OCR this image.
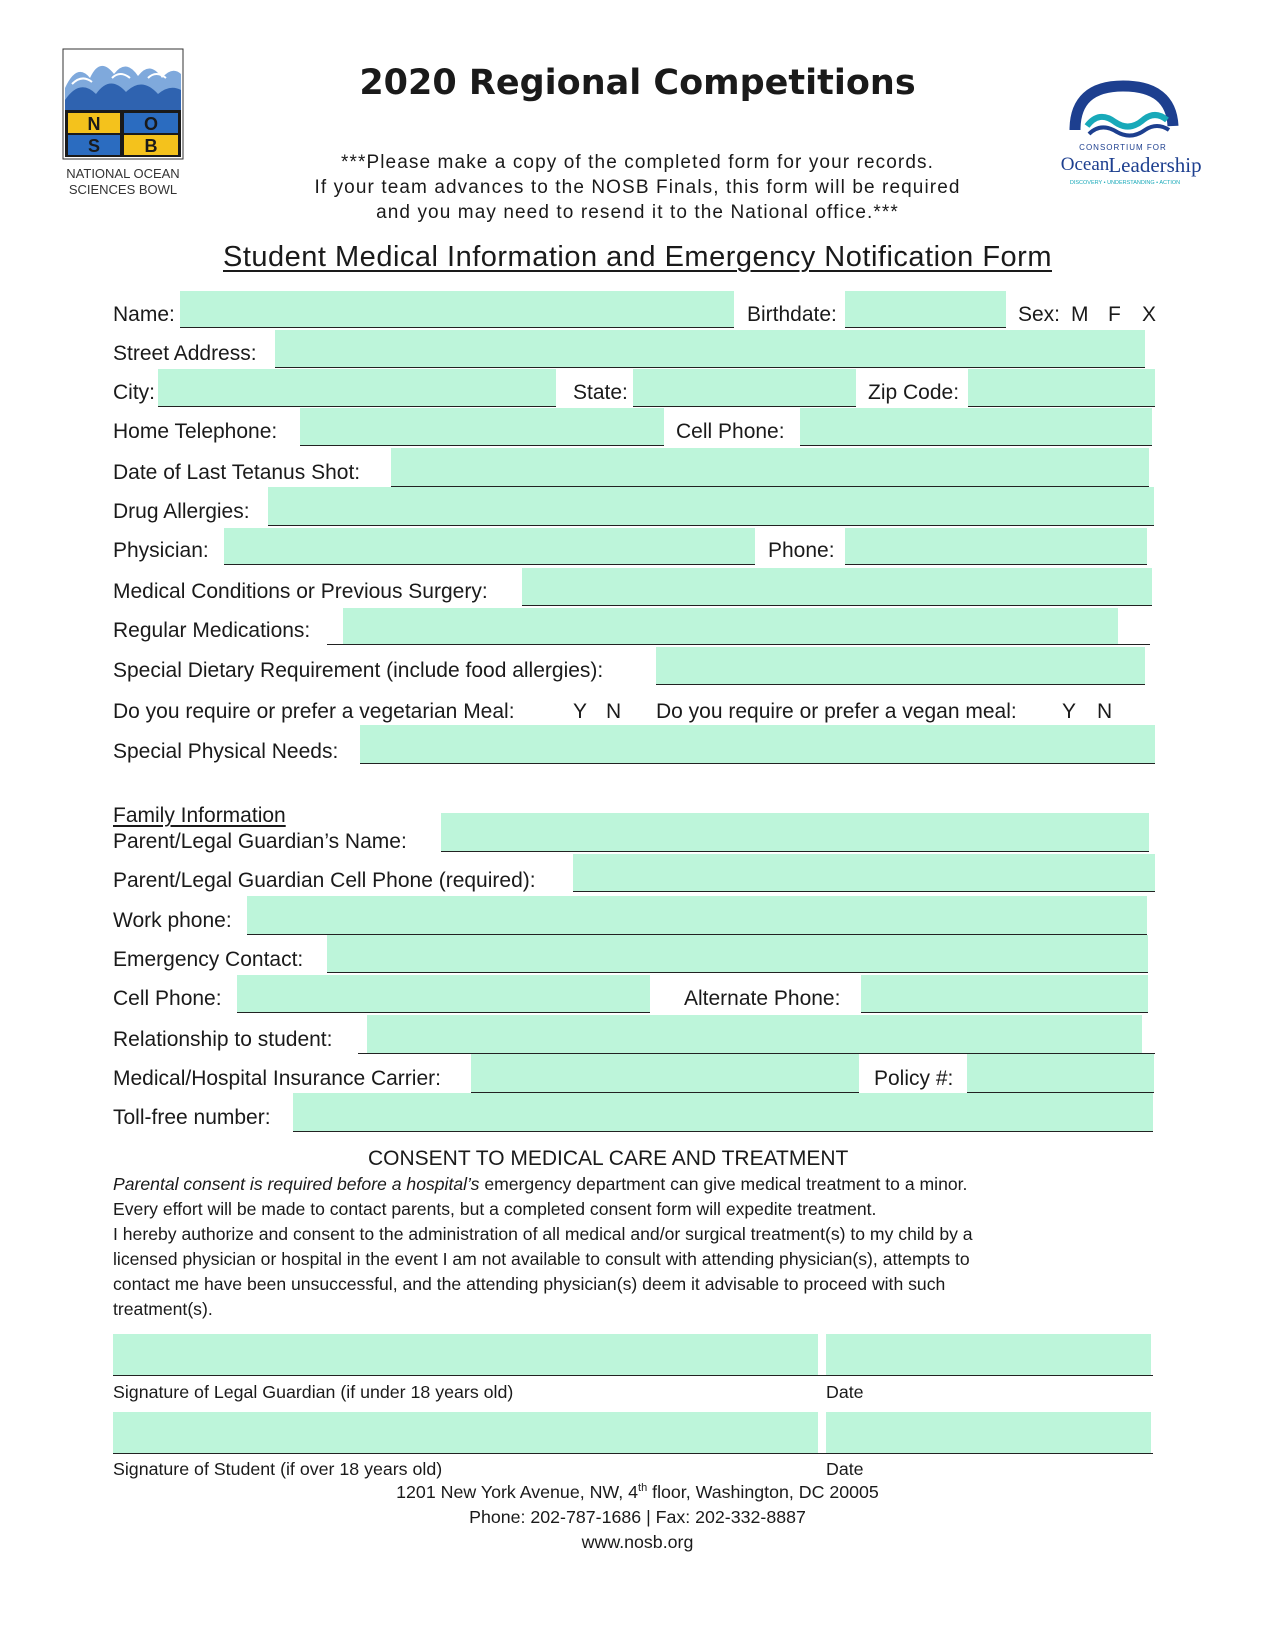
N O
S B
NATIONAL OCEAN
SCIENCES BOWL
2020 Regional Competitions
***Please make a copy of the completed form for your records.
If your team advances to the NOSB Finals, this form will be required
and you may need to resend it to the National office.***
CONSORTIUM FOR
Ocean Leadership
DISCOVERY • UNDERSTANDING • ACTION
Student Medical Information and Emergency Notification Form
Name:	Birthdate:	Sex: M F X
Street Address:
City:	State:	Zip Code:
Home Telephone:	Cell Phone:
Date of Last Tetanus Shot:
Drug Allergies:
Physician:	Phone:
Medical Conditions or Previous Surgery:
Regular Medications:
Special Dietary Requirement (include food allergies):
Do you require or prefer a vegetarian Meal:	Y N Do you require or prefer a vegan meal: Y N
Special Physical Needs:
Family Information
Parent/Legal Guardian’s Name:
Parent/Legal Guardian Cell Phone (required):
Work phone:
Emergency Contact:
Cell Phone:	Alternate Phone:
Relationship to student:
Medical/Hospital Insurance Carrier:	Policy #:
Toll-free number:
CONSENT TO MEDICAL CARE AND TREATMENT
Parental consent is required before a hospital’s emergency department can give medical treatment to a minor.
Every effort will be made to contact parents, but a completed consent form will expedite treatment.
I hereby authorize and consent to the administration of all medical and/or surgical treatment(s) to my child by a
licensed physician or hospital in the event I am not available to consult with attending physician(s), attempts to
contact me have been unsuccessful, and the attending physician(s) deem it advisable to proceed with such
treatment(s).
Signature of Legal Guardian (if under 18 years old)	Date
Signature of Student (if over 18 years old)	Date
1201 New York Avenue, NW, 4th floor, Washington, DC 20005
Phone: 202-787-1686 | Fax: 202-332-8887
www.nosb.org
